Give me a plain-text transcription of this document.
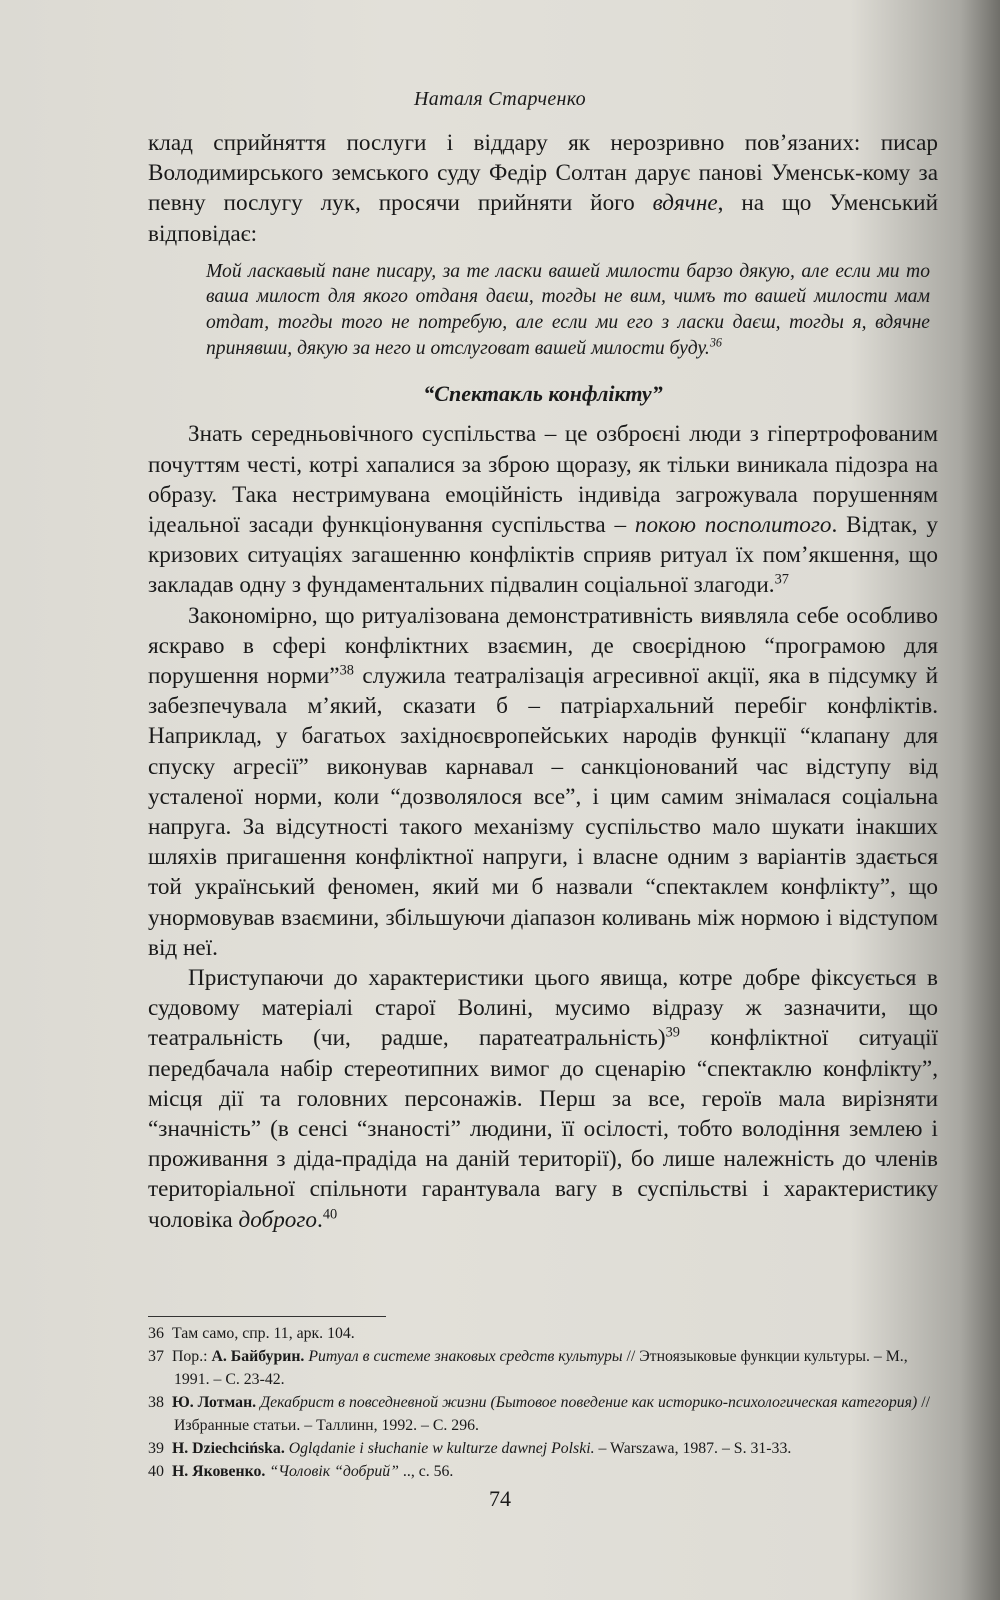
Наталя Старченко

клад сприйняття послуги і віддару як нерозривно пов’язаних: писар Володимирського земського суду Федір Солтан дарує панові Уменськ-кому за певну послугу лук, просячи прийняти його вдячне, на що Уменський відповідає:

Мой ласкавый пане писару, за те ласки вашей милости барзо дякую, але если ми то ваша милост для якого отданя даєш, тогды не вим, чимъ то вашей милости мам отдат, тогды того не потребую, але если ми его з ласки даєш, тогды я, вдячне принявши, дякую за него и отслуговат вашей милости буду.$^{36}$
“Спектакль конфлікту”

Знать середньовічного суспільства – це озброєні люди з гіпертрофованим почуттям честі, котрі хапалися за зброю щоразу, як тільки виникала підозра на образу. Така нестримувана емоційність індивіда загрожувала порушенням ідеальної засади функціонування суспільства – покою посполитого. Відтак, у кризових ситуаціях загашенню конфліктів сприяв ритуал їх пом’якшення, що закладав одну з фундаментальних підвалин соціальної злагоди.$^{37}$

Закономірно, що ритуалізована демонстративність виявляла себе особливо яскраво в сфері конфліктних взаємин, де своєрідною “програмою для порушення норми”$^{38}$ служила театралізація агресивної акції, яка в підсумку й забезпечувала м’який, сказати б – патріархальний перебіг конфліктів. Наприклад, у багатьох західноєвропейських народів функції “клапану для спуску агресії” виконував карнавал – санкціонований час відступу від усталеної норми, коли “дозволялося все”, і цим самим знімалася соціальна напруга. За відсутності такого механізму суспільство мало шукати інакших шляхів пригашення конфліктної напруги, і власне одним з варіантів здається той український феномен, який ми б назвали “спектаклем конфлікту”, що унормовував взаємини, збільшуючи діапазон коливань між нормою і відступом від неї.

Приступаючи до характеристики цього явища, котре добре фіксується в судовому матеріалі старої Волині, мусимо відразу ж зазначити, що театральність (чи, радше, паратеатральність)$^{39}$ конфліктної ситуації передбачала набір стереотипних вимог до сценарію “спектаклю конфлікту”, місця дії та головних персонажів. Перш за все, героїв мала вирізняти “значність” (в сенсі “знаності” людини, її осілості, тобто володіння землею і проживання з діда-прадіда на даній території), бо лише належність до членів територіальної спільноти гарантувала вагу в суспільстві і характеристику чоловіка доброго.$^{40}$

36 Там само, спр. 11, арк. 104.

37 Пор.: А. Байбурин. Ритуал в системе знаковых средств культуры // Этноязыковые функции культуры. – М., 1991. – С. 23-42.

38 Ю. Лотман. Декабрист в повседневной жизни (Бытовое поведение как историко-психологическая категория) // Избранные статьи. – Таллинн, 1992. – С. 296.

39 H. Dziechcińska. Oglądanie i słuchanie w kulturze dawnej Polski. – Warszawa, 1987. – S. 31-33.

40 Н. Яковенко. “Чоловік “добрий” .., с. 56.

74
